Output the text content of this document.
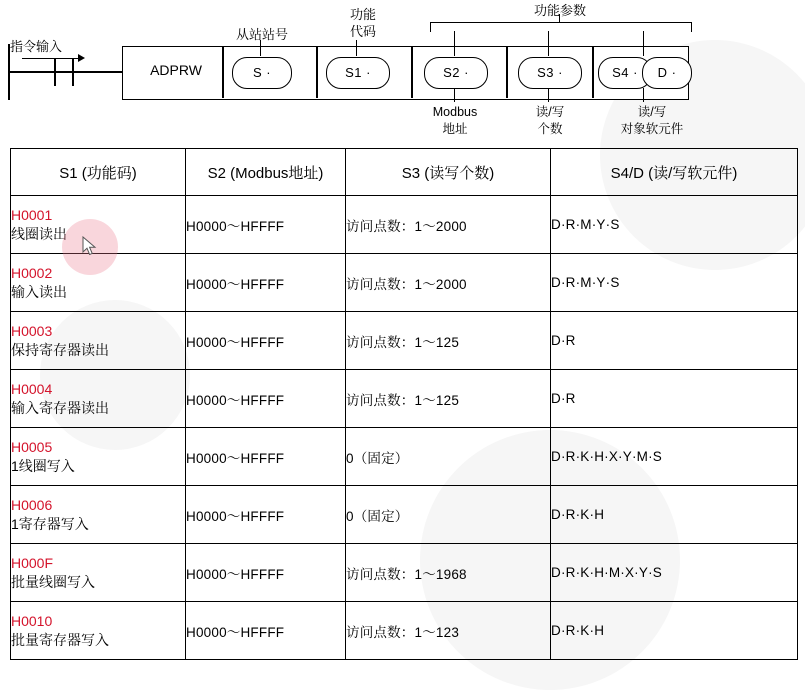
指令输入
ADPRW	S ·	S1 ·	S2 ·	S3 ·	S4 ·	D ·
从站站号
功能
代码
功能参数
Modbus
地址
读/写
个数
读/写
对象软元件
S1 (功能码)	S2 (Modbus地址)	S3 (读写个数)	S4/D (读/写软元件)

H0001
线圈读出	H0000～HFFFF	访问点数：1～2000	D·R·M·Y·S

H0002
输入读出	H0000～HFFFF	访问点数：1～2000	D·R·M·Y·S

H0003
保持寄存器读出	H0000～HFFFF	访问点数：1～125	D·R

H0004
输入寄存器读出	H0000～HFFFF	访问点数：1～125	D·R

H0005
1线圈写入	H0000～HFFFF	0（固定）	D·R·K·H·X·Y·M·S

H0006
1寄存器写入	H0000～HFFFF	0（固定）	D·R·K·H

H000F
批量线圈写入	H0000～HFFFF	访问点数：1～1968	D·R·K·H·M·X·Y·S

H0010
批量寄存器写入	H0000～HFFFF	访问点数：1～123	D·R·K·H
